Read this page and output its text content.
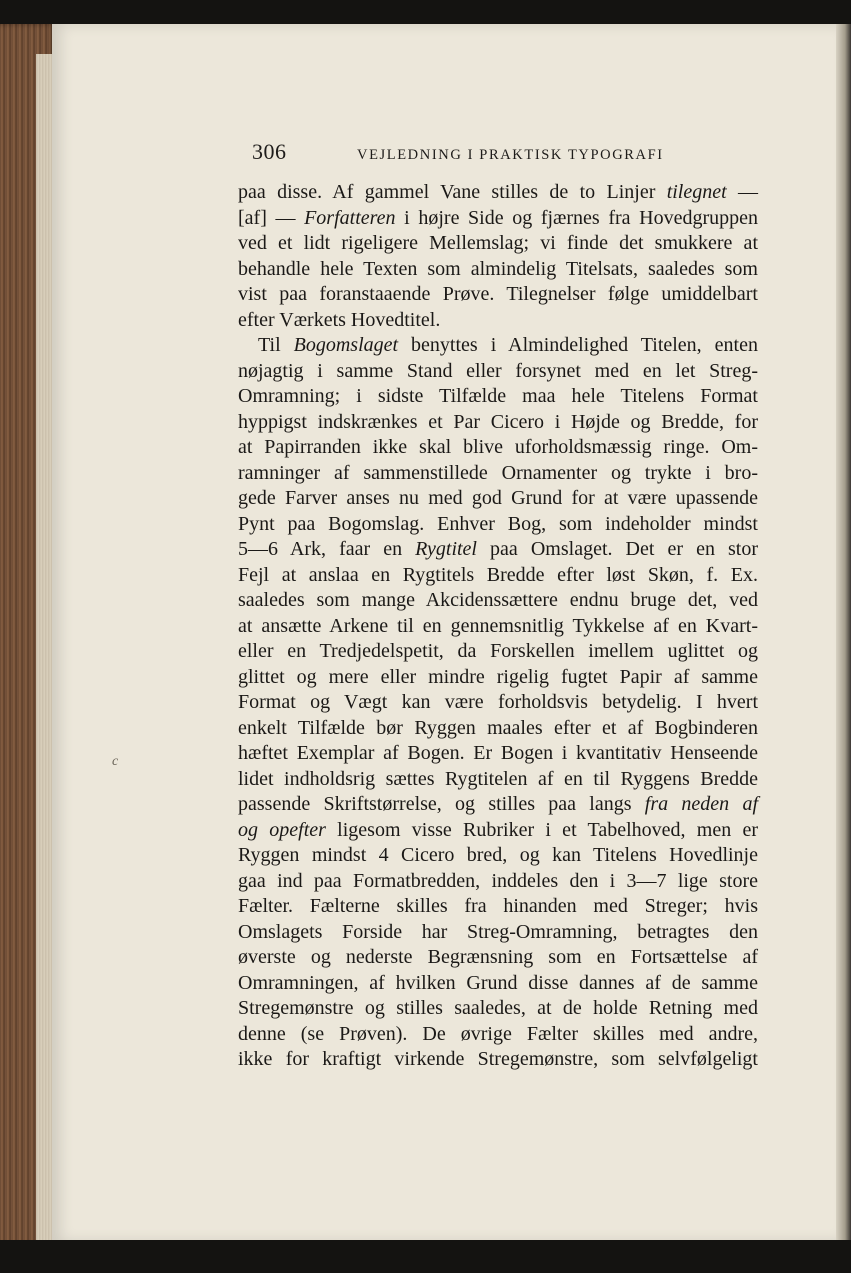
306	VEJLEDNING I PRAKTISK TYPOGRAFI
c
paa disse. Af gammel Vane stilles de to Linjer tilegnet —
[af] — Forfatteren i højre Side og fjærnes fra Hovedgruppen
ved et lidt rigeligere Mellemslag; vi finde det smukkere at
behandle hele Texten som almindelig Titelsats, saaledes som
vist paa foranstaaende Prøve. Tilegnelser følge umiddelbart
efter Værkets Hovedtitel.
Til Bogomslaget benyttes i Almindelighed Titelen, enten
nøjagtig i samme Stand eller forsynet med en let Streg-
Omramning; i sidste Tilfælde maa hele Titelens Format
hyppigst indskrænkes et Par Cicero i Højde og Bredde, for
at Papirranden ikke skal blive uforholdsmæssig ringe. Om-
ramninger af sammenstillede Ornamenter og trykte i bro-
gede Farver anses nu med god Grund for at være upassende
Pynt paa Bogomslag. Enhver Bog, som indeholder mindst
5—6 Ark, faar en Rygtitel paa Omslaget. Det er en stor
Fejl at anslaa en Rygtitels Bredde efter løst Skøn, f. Ex.
saaledes som mange Akcidenssættere endnu bruge det, ved
at ansætte Arkene til en gennemsnitlig Tykkelse af en Kvart-
eller en Tredjedelspetit, da Forskellen imellem uglittet og
glittet og mere eller mindre rigelig fugtet Papir af samme
Format og Vægt kan være forholdsvis betydelig. I hvert
enkelt Tilfælde bør Ryggen maales efter et af Bogbinderen
hæftet Exemplar af Bogen. Er Bogen i kvantitativ Henseende
lidet indholdsrig sættes Rygtitelen af en til Ryggens Bredde
passende Skriftstørrelse, og stilles paa langs fra neden af
og opefter ligesom visse Rubriker i et Tabelhoved, men er
Ryggen mindst 4 Cicero bred, og kan Titelens Hovedlinje
gaa ind paa Formatbredden, inddeles den i 3—7 lige store
Fælter. Fælterne skilles fra hinanden med Streger; hvis
Omslagets Forside har Streg-Omramning, betragtes den
øverste og nederste Begrænsning som en Fortsættelse af
Omramningen, af hvilken Grund disse dannes af de samme
Stregemønstre og stilles saaledes, at de holde Retning med
denne (se Prøven). De øvrige Fælter skilles med andre,
ikke for kraftigt virkende Stregemønstre, som selvfølgeligt
